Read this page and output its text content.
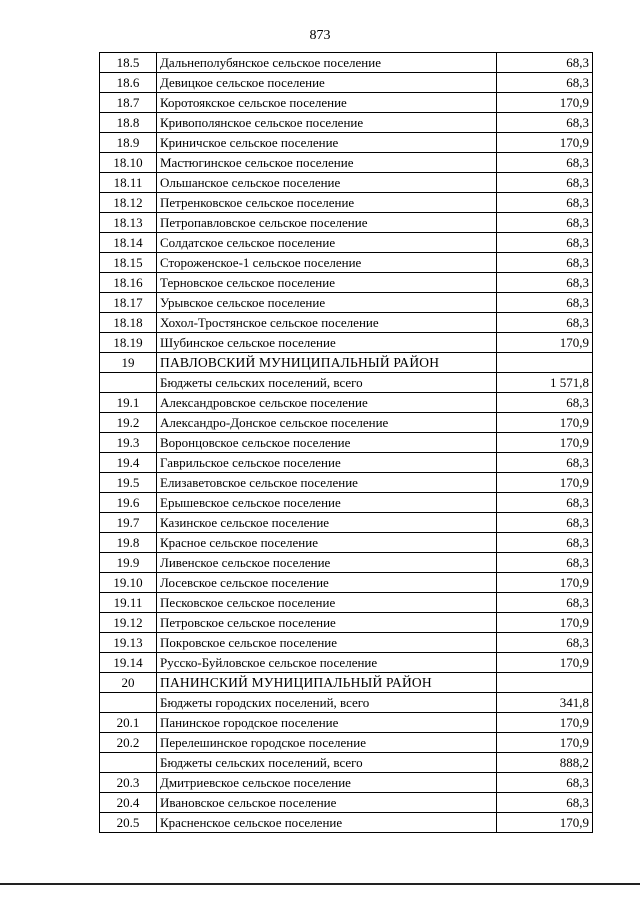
873
18.5	Дальнеполубянское сельское поселение	68,3
18.6	Девицкое сельское поселение	68,3
18.7	Коротоякское сельское поселение	170,9
18.8	Кривополянское сельское поселение	68,3
18.9	Криничское сельское поселение	170,9
18.10	Мастюгинское сельское поселение	68,3
18.11	Ольшанское сельское поселение	68,3
18.12	Петренковское сельское поселение	68,3
18.13	Петропавловское сельское поселение	68,3
18.14	Солдатское сельское поселение	68,3
18.15	Стороженское-1 сельское поселение	68,3
18.16	Терновское сельское поселение	68,3
18.17	Урывское сельское поселение	68,3
18.18	Хохол-Тростянское сельское поселение	68,3
18.19	Шубинское сельское поселение	170,9
19	ПАВЛОВСКИЙ МУНИЦИПАЛЬНЫЙ РАЙОН	
	Бюджеты сельских поселений, всего	1 571,8
19.1	Александровское сельское поселение	68,3
19.2	Александро-Донское сельское поселение	170,9
19.3	Воронцовское сельское поселение	170,9
19.4	Гаврильское сельское поселение	68,3
19.5	Елизаветовское сельское поселение	170,9
19.6	Ерышевское сельское поселение	68,3
19.7	Казинское сельское поселение	68,3
19.8	Красное сельское поселение	68,3
19.9	Ливенское сельское поселение	68,3
19.10	Лосевское сельское поселение	170,9
19.11	Песковское сельское поселение	68,3
19.12	Петровское сельское поселение	170,9
19.13	Покровское сельское поселение	68,3
19.14	Русско-Буйловское сельское поселение	170,9
20	ПАНИНСКИЙ МУНИЦИПАЛЬНЫЙ РАЙОН	
	Бюджеты городских поселений, всего	341,8
20.1	Панинское городское поселение	170,9
20.2	Перелешинское городское поселение	170,9
	Бюджеты сельских поселений, всего	888,2
20.3	Дмитриевское сельское поселение	68,3
20.4	Ивановское сельское поселение	68,3
20.5	Красненское сельское поселение	170,9
